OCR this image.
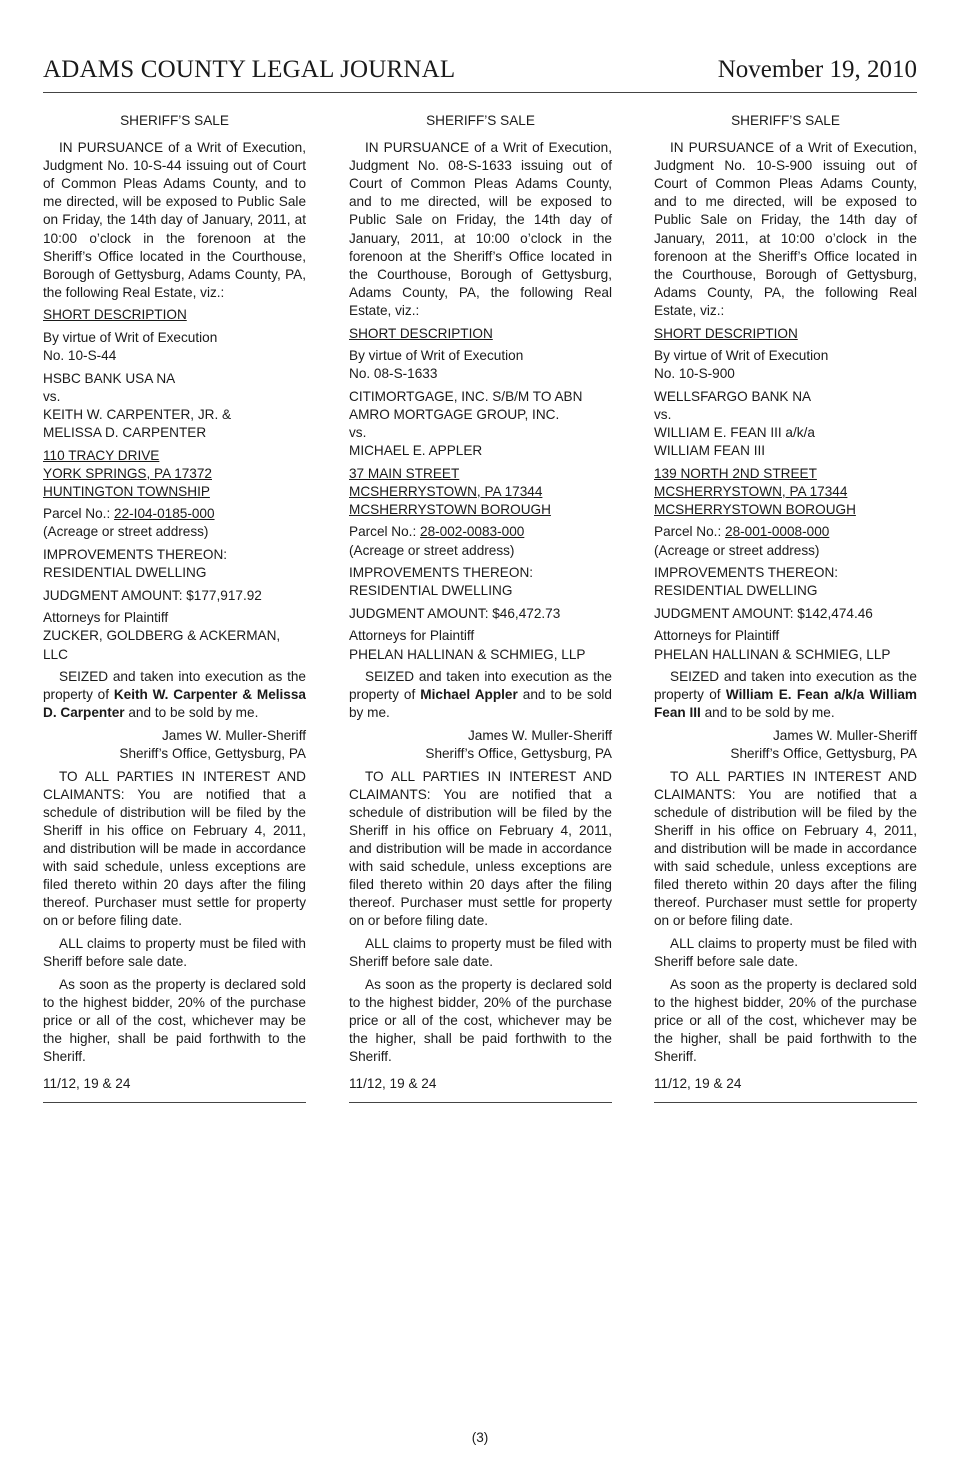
ADAMS COUNTY LEGAL JOURNAL	November 19, 2010
SHERIFF’S SALE
IN PURSUANCE of a Writ of Execution, Judgment No. 10-S-44 issuing out of Court of Common Pleas Adams County, and to me directed, will be exposed to Public Sale on Friday, the 14th day of January, 2011, at 10:00 o’clock in the forenoon at the Sheriff’s Office located in the Courthouse, Borough of Gettysburg, Adams County, PA, the following Real Estate, viz.:
SHORT DESCRIPTION
By virtue of Writ of Execution
No. 10-S-44
HSBC BANK USA NA
vs.
KEITH W. CARPENTER, JR. &
MELISSA D. CARPENTER
110 TRACY DRIVE
YORK SPRINGS, PA 17372
HUNTINGTON TOWNSHIP
Parcel No.: 22-I04-0185-000
(Acreage or street address)
IMPROVEMENTS THEREON:
RESIDENTIAL DWELLING
JUDGMENT AMOUNT: $177,917.92
Attorneys for Plaintiff
ZUCKER, GOLDBERG & ACKERMAN, LLC
SEIZED and taken into execution as the property of Keith W. Carpenter & Melissa D. Carpenter and to be sold by me.
James W. Muller-Sheriff
Sheriff’s Office, Gettysburg, PA
TO ALL PARTIES IN INTEREST AND CLAIMANTS: You are notified that a schedule of distribution will be filed by the Sheriff in his office on February 4, 2011, and distribution will be made in accordance with said schedule, unless exceptions are filed thereto within 20 days after the filing thereof. Purchaser must settle for property on or before filing date.
ALL claims to property must be filed with Sheriff before sale date.
As soon as the property is declared sold to the highest bidder, 20% of the purchase price or all of the cost, whichever may be the higher, shall be paid forthwith to the Sheriff.
11/12, 19 & 24
SHERIFF’S SALE
IN PURSUANCE of a Writ of Execution, Judgment No. 08-S-1633 issuing out of Court of Common Pleas Adams County, and to me directed, will be exposed to Public Sale on Friday, the 14th day of January, 2011, at 10:00 o’clock in the forenoon at the Sheriff’s Office located in the Courthouse, Borough of Gettysburg, Adams County, PA, the following Real Estate, viz.:
SHORT DESCRIPTION
By virtue of Writ of Execution
No. 08-S-1633
CITIMORTGAGE, INC. S/B/M TO ABN AMRO MORTGAGE GROUP, INC.
vs.
MICHAEL E. APPLER
37 MAIN STREET
MCSHERRYSTOWN, PA 17344
MCSHERRYSTOWN BOROUGH
Parcel No.: 28-002-0083-000
(Acreage or street address)
IMPROVEMENTS THEREON:
RESIDENTIAL DWELLING
JUDGMENT AMOUNT: $46,472.73
Attorneys for Plaintiff
PHELAN HALLINAN & SCHMIEG, LLP
SEIZED and taken into execution as the property of Michael Appler and to be sold by me.
James W. Muller-Sheriff
Sheriff’s Office, Gettysburg, PA
TO ALL PARTIES IN INTEREST AND CLAIMANTS: You are notified that a schedule of distribution will be filed by the Sheriff in his office on February 4, 2011, and distribution will be made in accordance with said schedule, unless exceptions are filed thereto within 20 days after the filing thereof. Purchaser must settle for property on or before filing date.
ALL claims to property must be filed with Sheriff before sale date.
As soon as the property is declared sold to the highest bidder, 20% of the purchase price or all of the cost, whichever may be the higher, shall be paid forthwith to the Sheriff.
11/12, 19 & 24
SHERIFF’S SALE
IN PURSUANCE of a Writ of Execution, Judgment No. 10-S-900 issuing out of Court of Common Pleas Adams County, and to me directed, will be exposed to Public Sale on Friday, the 14th day of January, 2011, at 10:00 o’clock in the forenoon at the Sheriff’s Office located in the Courthouse, Borough of Gettysburg, Adams County, PA, the following Real Estate, viz.:
SHORT DESCRIPTION
By virtue of Writ of Execution
No. 10-S-900
WELLSFARGO BANK NA
vs.
WILLIAM E. FEAN III a/k/a
WILLIAM FEAN III
139 NORTH 2ND STREET
MCSHERRYSTOWN, PA 17344
MCSHERRYSTOWN BOROUGH
Parcel No.: 28-001-0008-000
(Acreage or street address)
IMPROVEMENTS THEREON:
RESIDENTIAL DWELLING
JUDGMENT AMOUNT: $142,474.46
Attorneys for Plaintiff
PHELAN HALLINAN & SCHMIEG, LLP
SEIZED and taken into execution as the property of William E. Fean a/k/a William Fean III and to be sold by me.
James W. Muller-Sheriff
Sheriff’s Office, Gettysburg, PA
TO ALL PARTIES IN INTEREST AND CLAIMANTS: You are notified that a schedule of distribution will be filed by the Sheriff in his office on February 4, 2011, and distribution will be made in accordance with said schedule, unless exceptions are filed thereto within 20 days after the filing thereof. Purchaser must settle for property on or before filing date.
ALL claims to property must be filed with Sheriff before sale date.
As soon as the property is declared sold to the highest bidder, 20% of the purchase price or all of the cost, whichever may be the higher, shall be paid forthwith to the Sheriff.
11/12, 19 & 24
(3)
